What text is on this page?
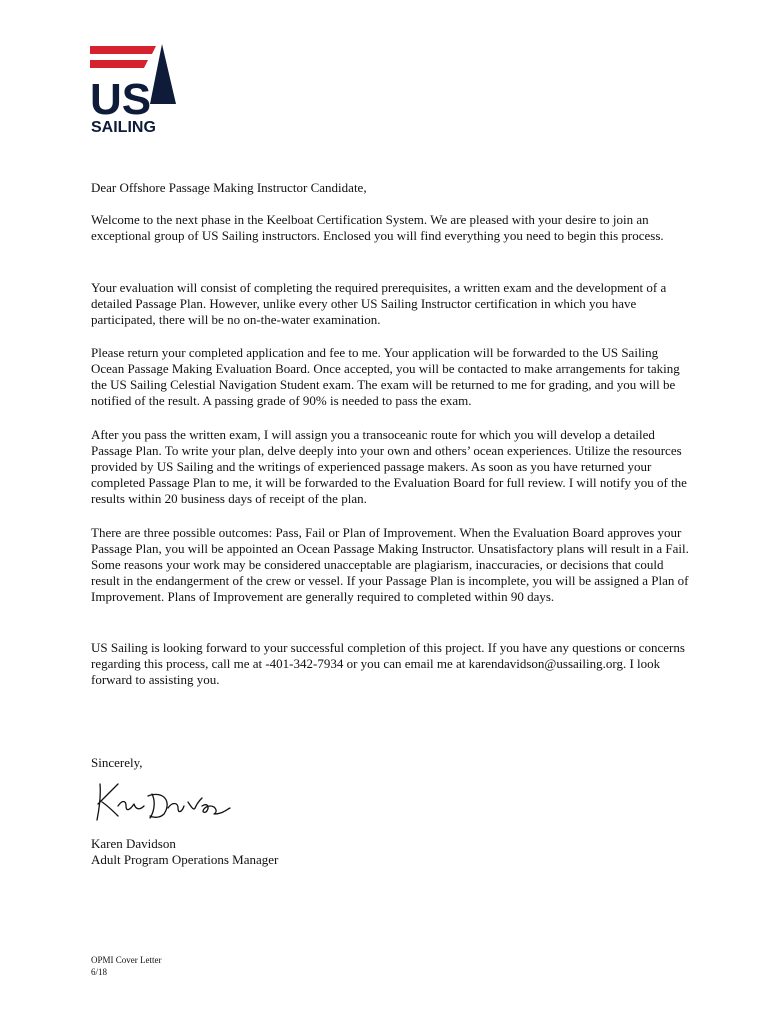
US
SAILING

Dear Offshore Passage Making Instructor Candidate,

Welcome to the next phase in the Keelboat Certification System. We are pleased with your desire to join an exceptional group of US Sailing instructors. Enclosed you will find everything you need to begin this process.

Your evaluation will consist of completing the required prerequisites, a written exam and the development of a detailed Passage Plan. However, unlike every other US Sailing Instructor certification in which you have participated, there will be no on-the-water examination.

Please return your completed application and fee to me. Your application will be forwarded to the US Sailing Ocean Passage Making Evaluation Board. Once accepted, you will be contacted to make arrangements for taking the US Sailing Celestial Navigation Student exam. The exam will be returned to me for grading, and you will be notified of the result. A passing grade of 90% is needed to pass the exam.

After you pass the written exam, I will assign you a transoceanic route for which you will develop a detailed Passage Plan. To write your plan, delve deeply into your own and others’ ocean experiences. Utilize the resources provided by US Sailing and the writings of experienced passage makers. As soon as you have returned your completed Passage Plan to me, it will be forwarded to the Evaluation Board for full review. I will notify you of the results within 20 business days of receipt of the plan.

There are three possible outcomes: Pass, Fail or Plan of Improvement. When the Evaluation Board approves your Passage Plan, you will be appointed an Ocean Passage Making Instructor. Unsatisfactory plans will result in a Fail. Some reasons your work may be considered unacceptable are plagiarism, inaccuracies, or decisions that could result in the endangerment of the crew or vessel. If your Passage Plan is incomplete, you will be assigned a Plan of Improvement. Plans of Improvement are generally required to completed within 90 days.

US Sailing is looking forward to your successful completion of this project. If you have any questions or concerns regarding this process, call me at -401-342-7934 or you can email me at karendavidson@ussailing.org. I look forward to assisting you.

Sincerely,

Karen Davidson

Adult Program Operations Manager

OPMI Cover Letter
6/18
